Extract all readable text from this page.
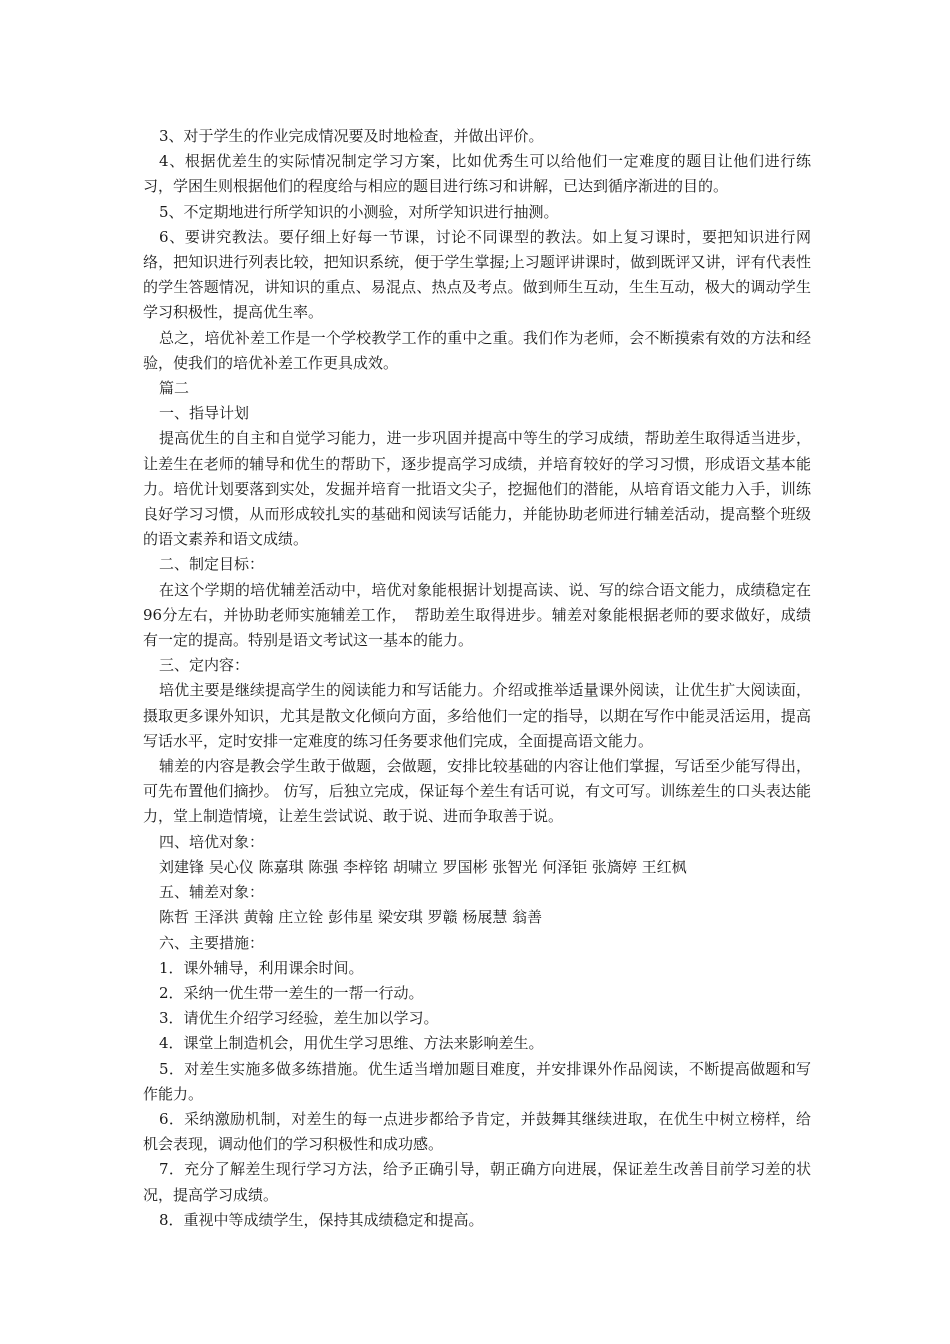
3、对于学生的作业完成情况要及时地检查，并做出评价。

4、根据优差生的实际情况制定学习方案，比如优秀生可以给他们一定难度的题目让他们进行练习，学困生则根据他们的程度给与相应的题目进行练习和讲解，已达到循序渐进的目的。

5、不定期地进行所学知识的小测验，对所学知识进行抽测。

6、要讲究教法。要仔细上好每一节课，讨论不同课型的教法。如上复习课时，要把知识进行网络，把知识进行列表比较，把知识系统，便于学生掌握;上习题评讲课时，做到既评又讲，评有代表性的学生答题情况，讲知识的重点、易混点、热点及考点。做到师生互动，生生互动，极大的调动学生学习积极性，提高优生率。

总之，培优补差工作是一个学校教学工作的重中之重。我们作为老师，会不断摸索有效的方法和经验，使我们的培优补差工作更具成效。

篇二

一、指导计划

提高优生的自主和自觉学习能力，进一步巩固并提高中等生的学习成绩，帮助差生取得适当进步，让差生在老师的辅导和优生的帮助下，逐步提高学习成绩，并培育较好的学习习惯，形成语文基本能力。培优计划要落到实处，发掘并培育一批语文尖子，挖掘他们的潜能，从培育语文能力入手，训练良好学习习惯，从而形成较扎实的基础和阅读写话能力，并能协助老师进行辅差活动，提高整个班级的语文素养和语文成绩。

二、制定目标：

在这个学期的培优辅差活动中，培优对象能根据计划提高读、说、写的综合语文能力，成绩稳定在96分左右，并协助老师实施辅差工作，　帮助差生取得进步。辅差对象能根据老师的要求做好，成绩有一定的提高。特别是语文考试这一基本的能力。

三、定内容：

培优主要是继续提高学生的阅读能力和写话能力。介绍或推举适量课外阅读，让优生扩大阅读面，摄取更多课外知识，尤其是散文化倾向方面，多给他们一定的指导，以期在写作中能灵活运用，提高写话水平，定时安排一定难度的练习任务要求他们完成，全面提高语文能力。

辅差的内容是教会学生敢于做题，会做题，安排比较基础的内容让他们掌握，写话至少能写得出，可先布置他们摘抄。 仿写，后独立完成，保证每个差生有话可说，有文可写。训练差生的口头表达能力，堂上制造情境，让差生尝试说、敢于说、进而争取善于说。

四、培优对象：

刘建锋 吴心仪 陈嘉琪 陈强 李梓铭 胡啸立 罗国彬 张智光 何泽钜 张旖婷 王红枫

五、辅差对象：

陈哲 王泽洪 黄翰 庄立铨 彭伟星 梁安琪 罗赣 杨展慧 翁善

六、主要措施：

1．课外辅导，利用课余时间。

2．采纳一优生带一差生的一帮一行动。

3．请优生介绍学习经验，差生加以学习。

4．课堂上制造机会，用优生学习思维、方法来影响差生。

5．对差生实施多做多练措施。优生适当增加题目难度，并安排课外作品阅读，不断提高做题和写作能力。

6．采纳激励机制，对差生的每一点进步都给予肯定，并鼓舞其继续进取，在优生中树立榜样，给机会表现，调动他们的学习积极性和成功感。

7．充分了解差生现行学习方法，给予正确引导，朝正确方向进展，保证差生改善目前学习差的状况，提高学习成绩。

8．重视中等成绩学生，保持其成绩稳定和提高。
